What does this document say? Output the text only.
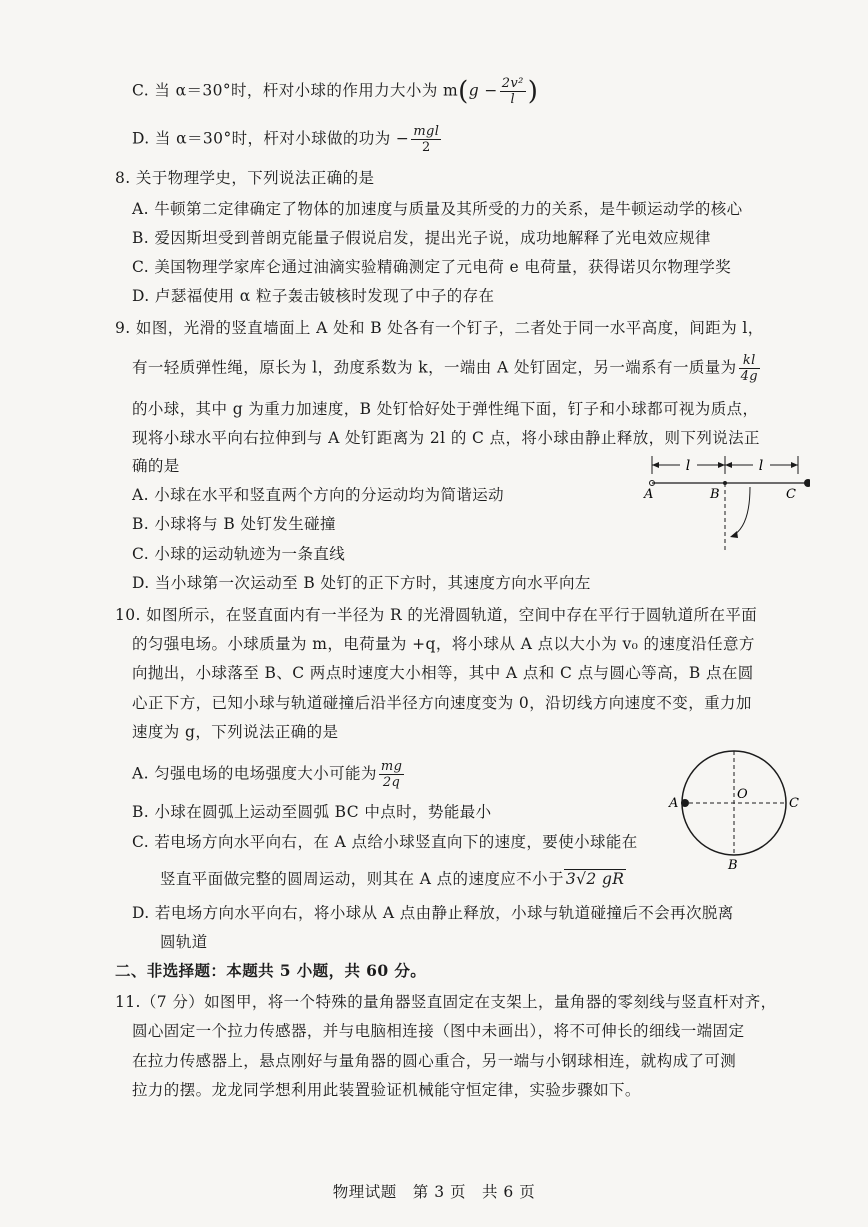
C. 当 α＝30°时，杆对小球的作用力大小为 $m(g - \frac{\text{2v²}}{l}$ )
D. 当 α＝30°时，杆对小球做的功为 − $\frac{\text{mgl}}{2}$
8. 关于物理学史，下列说法正确的是
A. 牛顿第二定律确定了物体的加速度与质量及其所受的力的关系，是牛顿运动学的核心
B. 爱因斯坦受到普朗克能量子假说启发，提出光子说，成功地解释了光电效应规律
C. 美国物理学家库仑通过油滴实验精确测定了元电荷 e 电荷量，获得诺贝尔物理学奖
D. 卢瑟福使用 α 粒子轰击铍核时发现了中子的存在
9. 如图，光滑的竖直墙面上 A 处和 B 处各有一个钉子，二者处于同一水平高度，间距为 l，
有一轻质弹性绳，原长为 l，劲度系数为 k，一端由 A 处钉固定，另一端系有一质量为 $\frac{kl}{4g}$
的小球，其中 g 为重力加速度，B 处钉恰好处于弹性绳下面，钉子和小球都可视为质点，
现将小球水平向右拉伸到与 A 处钉距离为 2l 的 C 点，将小球由静止释放，则下列说法正
确的是
A. 小球在水平和竖直两个方向的分运动均为简谐运动
B. 小球将与 B 处钉发生碰撞
C. 小球的运动轨迹为一条直线
D. 当小球第一次运动至 B 处钉的正下方时，其速度方向水平向左
l	l
A	B	C
10. 如图所示，在竖直面内有一半径为 R 的光滑圆轨道，空间中存在平行于圆轨道所在平面
的匀强电场。小球质量为 m，电荷量为 +q，将小球从 A 点以大小为 v₀ 的速度沿任意方
向抛出，小球落至 B、C 两点时速度大小相等，其中 A 点和 C 点与圆心等高，B 点在圆
心正下方，已知小球与轨道碰撞后沿半径方向速度变为 0，沿切线方向速度不变，重力加
速度为 g，下列说法正确的是
A. 匀强电场的电场强度大小可能为 $\frac{mg}{2q}$
B. 小球在圆弧上运动至圆弧 BC 中点时，势能最小
C. 若电场方向水平向右，在 A 点给小球竖直向下的速度，要使小球能在
竖直平面做完整的圆周运动，则其在 A 点的速度应不小于 3√2 gR
D. 若电场方向水平向右，将小球从 A 点由静止释放，小球与轨道碰撞后不会再次脱离
圆轨道
A	C
O
B
二、非选择题：本题共 5 小题，共 60 分。
11.（7 分）如图甲，将一个特殊的量角器竖直固定在支架上，量角器的零刻线与竖直杆对齐，
圆心固定一个拉力传感器，并与电脑相连接（图中未画出），将不可伸长的细线一端固定
在拉力传感器上，悬点刚好与量角器的圆心重合，另一端与小钢球相连，就构成了可测
拉力的摆。龙龙同学想利用此装置验证机械能守恒定律，实验步骤如下。
物理试题　第 3 页　共 6 页
